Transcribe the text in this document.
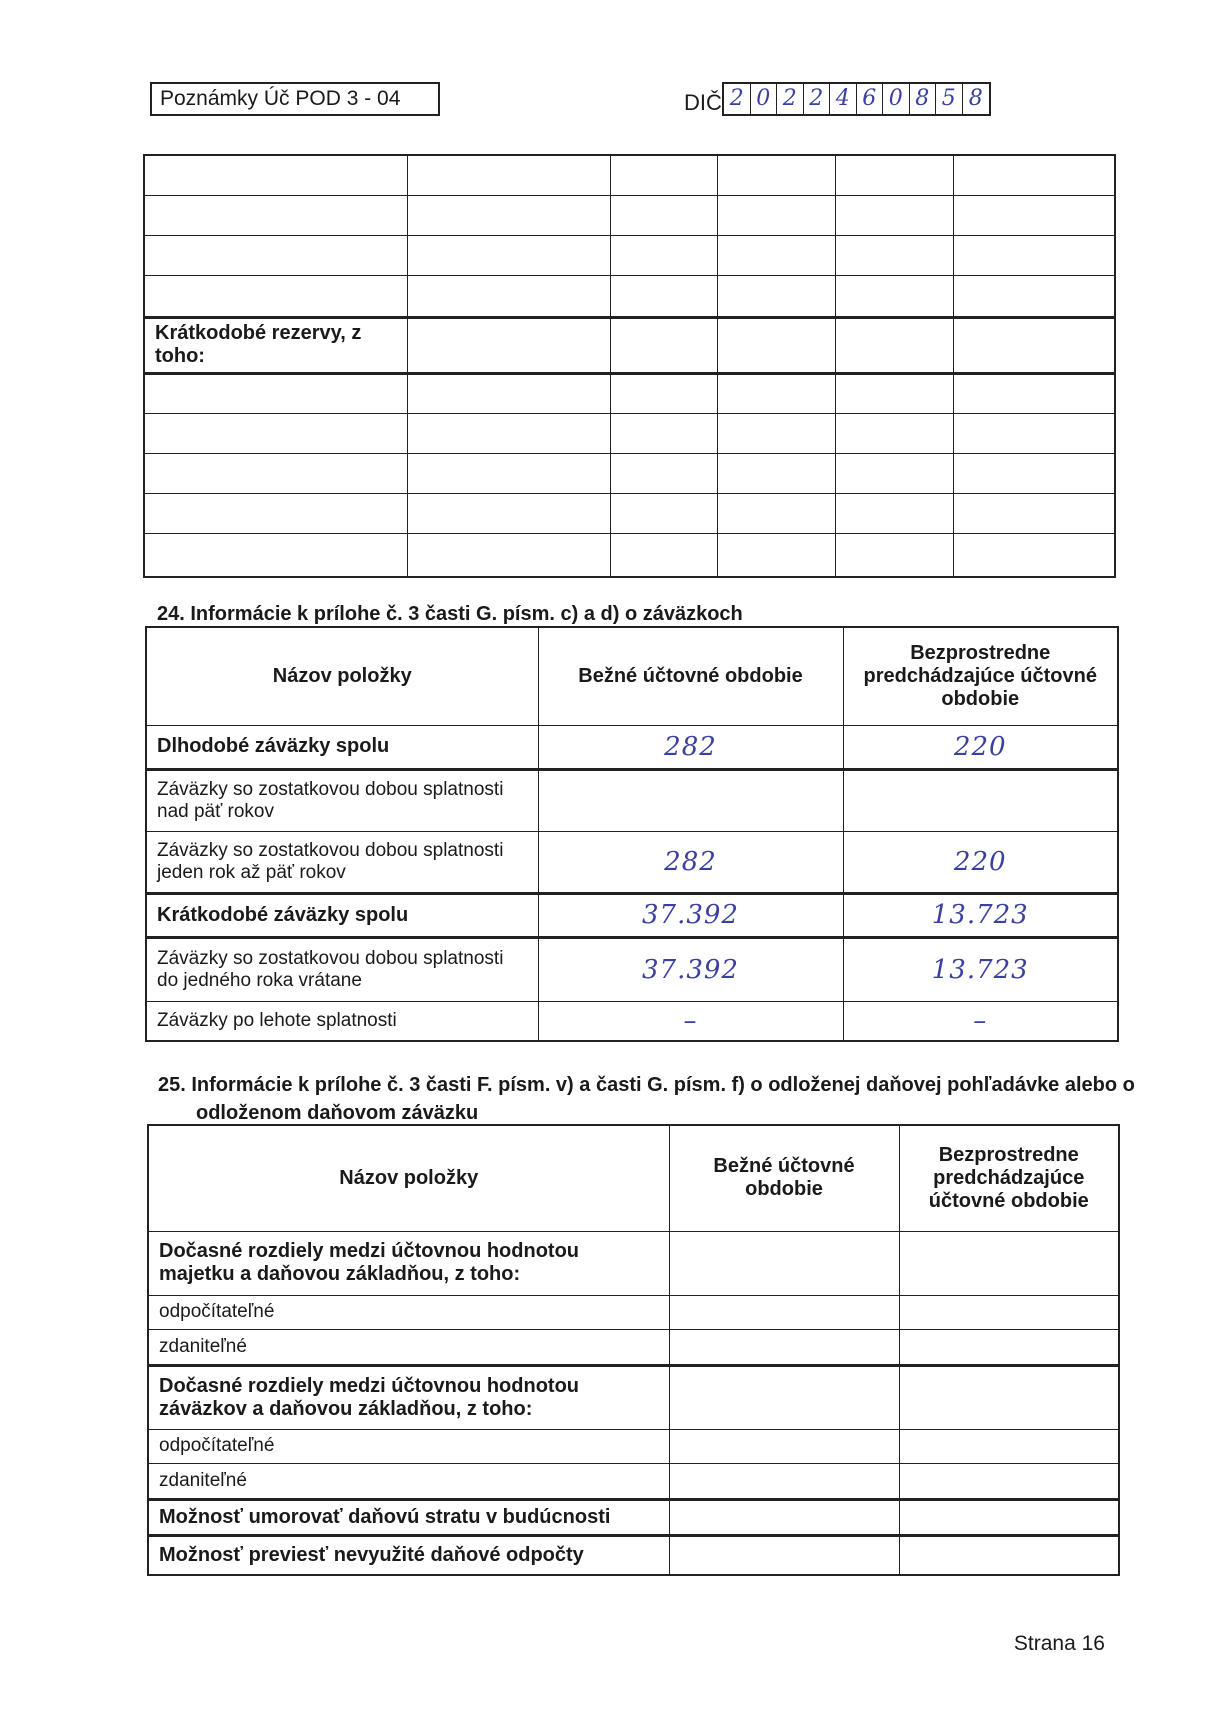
Poznámky Úč POD 3 - 04	DIČ 2 0 2 2 4 6 0 8 5 8

Krátkodobé rezervy, z toho:					

24. Informácie k prílohe č. 3 časti G. písm. c) a d) o záväzkoch
Názov položky	Bežné účtovné obdobie	Bezprostredne predchádzajúce účtovné obdobie
Dlhodobé záväzky spolu	282	220
Záväzky so zostatkovou dobou splatnosti nad päť rokov		
Záväzky so zostatkovou dobou splatnosti jeden rok až päť rokov	282	220
Krátkodobé záväzky spolu	37.392	13.723
Záväzky so zostatkovou dobou splatnosti do jedného roka vrátane	37.392	13.723
Záväzky po lehote splatnosti	–	–
25. Informácie k prílohe č. 3 časti F. písm. v) a časti G. písm. f) o odloženej daňovej pohľadávke alebo o
odloženom daňovom záväzku
Názov položky	Bežné účtovné obdobie	Bezprostredne predchádzajúce účtovné obdobie
Dočasné rozdiely medzi účtovnou hodnotou majetku a daňovou základňou, z toho:		
odpočítateľné		
zdaniteľné		
Dočasné rozdiely medzi účtovnou hodnotou záväzkov a daňovou základňou, z toho:		
odpočítateľné		
zdaniteľné		
Možnosť umorovať daňovú stratu v budúcnosti		
Možnosť previesť nevyužité daňové odpočty		
Strana 16
